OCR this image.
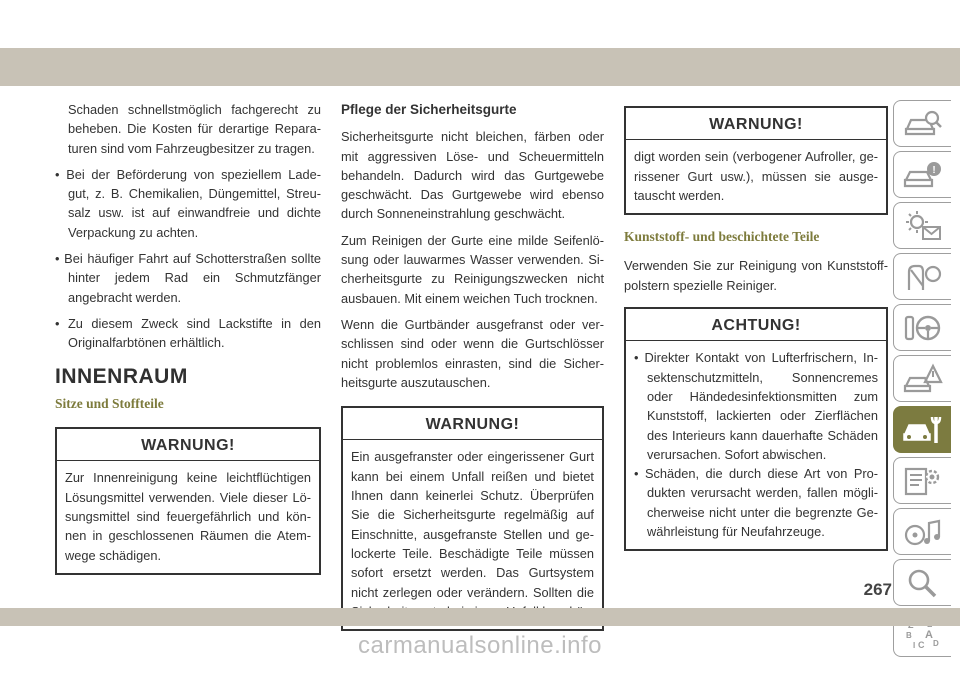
Schaden schnellstmöglich fachgerecht zu beheben. Die Kosten für derartige Repara-turen sind vom Fahrzeugbesitzer zu tragen.

• Bei der Beförderung von speziellem Lade-gut, z. B. Chemikalien, Düngemittel, Streu-salz usw. ist auf einwandfreie und dichte Verpackung zu achten.

• Bei häufiger Fahrt auf Schotterstraßen sollte hinter jedem Rad ein Schmutzfänger angebracht werden.

• Zu diesem Zweck sind Lackstifte in den Originalfarbtönen erhältlich.

INNENRAUM
Sitze und Stoffteile
WARNUNG!
Zur Innenreinigung keine leichtflüchtigen Lösungsmittel verwenden. Viele dieser Lö-sungsmittel sind feuergefährlich und kön-nen in geschlossenen Räumen die Atem-wege schädigen.
Pflege der Sicherheitsgurte

Sicherheitsgurte nicht bleichen, färben oder mit aggressiven Löse- und Scheuermitteln behandeln. Dadurch wird das Gurtgewebe geschwächt. Das Gurtgewebe wird ebenso durch Sonneneinstrahlung geschwächt.

Zum Reinigen der Gurte eine milde Seifenlö-sung oder lauwarmes Wasser verwenden. Si-cherheitsgurte zu Reinigungszwecken nicht ausbauen. Mit einem weichen Tuch trocknen.

Wenn die Gurtbänder ausgefranst oder ver-schlissen sind oder wenn die Gurtschlösser nicht problemlos einrasten, sind die Sicher-heitsgurte auszutauschen.

WARNUNG!
Ein ausgefranster oder eingerissener Gurt kann bei einem Unfall reißen und bietet Ihnen dann keinerlei Schutz. Überprüfen Sie die Sicherheitsgurte regelmäßig auf Einschnitte, ausgefranste Stellen und ge-lockerte Teile. Beschädigte Teile müssen sofort ersetzt werden. Das Gurtsystem nicht zerlegen oder verändern. Sollten die
WARNUNG!
digt worden sein (verbogener Aufroller, ge-rissener Gurt usw.), müssen sie ausge-tauscht werden.
Kunststoff- und beschichtete Teile

Verwenden Sie zur Reinigung von Kunststoff-polstern spezielle Reiniger.

ACHTUNG!
• Direkter Kontakt von Lufterfrischern, In-sektenschutzmitteln, Sonnencremes oder Händedesinfektionsmitten zum Kunststoff, lackierten oder Zierflächen des Interieurs kann dauerhafte Schäden verursachen. Sofort abwischen.
• Schäden, die durch diese Art von Pro-dukten verursacht werden, fallen mögli-cherweise nicht unter die begrenzte Ge-währleistung für Neufahrzeuge.
!
B A
I C D
267
carmanualsonline.info
